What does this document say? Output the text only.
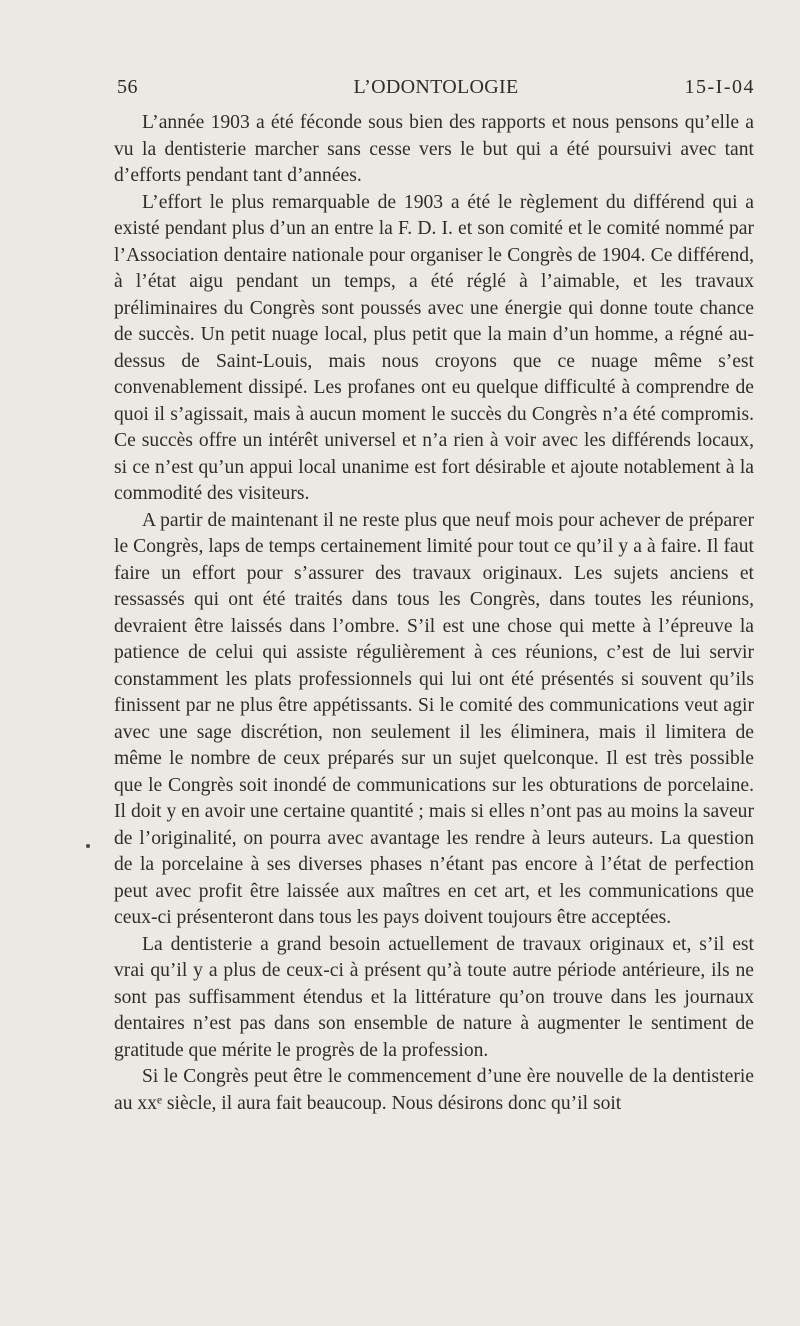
56	L’ODONTOLOGIE	15-I-04

L’année 1903 a été féconde sous bien des rapports et nous pensons qu’elle a vu la dentisterie marcher sans cesse vers le but qui a été poursuivi avec tant d’efforts pendant tant d’années.

L’effort le plus remarquable de 1903 a été le règlement du différend qui a existé pendant plus d’un an entre la F. D. I. et son comité et le comité nommé par l’Association dentaire nationale pour organiser le Congrès de 1904. Ce différend, à l’état aigu pendant un temps, a été réglé à l’aimable, et les travaux préliminaires du Congrès sont poussés avec une énergie qui donne toute chance de succès. Un petit nuage local, plus petit que la main d’un homme, a régné au-dessus de Saint-Louis, mais nous croyons que ce nuage même s’est convenablement dissipé. Les profanes ont eu quelque difficulté à comprendre de quoi il s’agissait, mais à aucun moment le succès du Congrès n’a été compromis. Ce succès offre un intérêt universel et n’a rien à voir avec les différends locaux, si ce n’est qu’un appui local unanime est fort désirable et ajoute notablement à la commodité des visiteurs.

A partir de maintenant il ne reste plus que neuf mois pour achever de préparer le Congrès, laps de temps certainement limité pour tout ce qu’il y a à faire. Il faut faire un effort pour s’assurer des travaux originaux. Les sujets anciens et ressassés qui ont été traités dans tous les Congrès, dans toutes les réunions, devraient être laissés dans l’ombre. S’il est une chose qui mette à l’épreuve la patience de celui qui assiste régulièrement à ces réunions, c’est de lui servir constamment les plats professionnels qui lui ont été présentés si souvent qu’ils finissent par ne plus être appétissants. Si le comité des communications veut agir avec une sage discrétion, non seulement il les éliminera, mais il limitera de même le nombre de ceux préparés sur un sujet quelconque. Il est très possible que le Congrès soit inondé de communications sur les obturations de porcelaine. Il doit y en avoir une certaine quantité ; mais si elles n’ont pas au moins la saveur de l’originalité, on pourra avec avantage les rendre à leurs auteurs. La question de la porcelaine à ses diverses phases n’étant pas encore à l’état de perfection peut avec profit être laissée aux maîtres en cet art, et les communications que ceux-ci présenteront dans tous les pays doivent toujours être acceptées.

La dentisterie a grand besoin actuellement de travaux originaux et, s’il est vrai qu’il y a plus de ceux-ci à présent qu’à toute autre période antérieure, ils ne sont pas suffisamment étendus et la littérature qu’on trouve dans les journaux dentaires n’est pas dans son ensemble de nature à augmenter le sentiment de gratitude que mérite le progrès de la profession.

Si le Congrès peut être le commencement d’une ère nouvelle de la dentisterie au xxᵉ siècle, il aura fait beaucoup. Nous désirons donc qu’il soit
